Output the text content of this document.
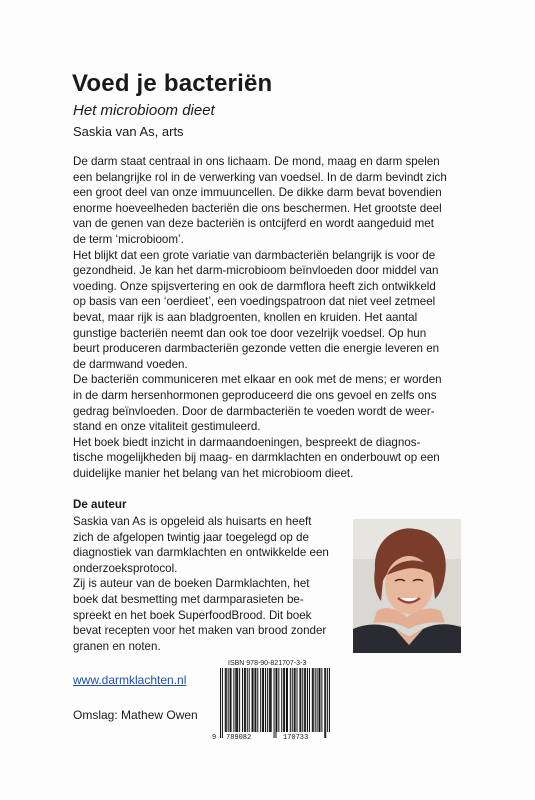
Voed je bacteriën
Het microbioom dieet
Saskia van As, arts

De darm staat centraal in ons lichaam. De mond, maag en darm spelen

een belangrijke rol in de verwerking van voedsel. In de darm bevindt zich

een groot deel van onze immuuncellen. De dikke darm bevat bovendien

enorme hoeveelheden bacteriën die ons beschermen. Het grootste deel

van de genen van deze bacteriën is ontcijferd en wordt aangeduid met

de term ‘microbioom’.

Het blijkt dat een grote variatie van darmbacteriën belangrijk is voor de

gezondheid. Je kan het darm-microbioom beïnvloeden door middel van

voeding. Onze spijsvertering en ook de darmflora heeft zich ontwikkeld

op basis van een ‘oerdieet’, een voedingspatroon dat niet veel zetmeel

bevat, maar rijk is aan bladgroenten, knollen en kruiden. Het aantal

gunstige bacteriën neemt dan ook toe door vezelrijk voedsel. Op hun

beurt produceren darmbacteriën gezonde vetten die energie leveren en

de darmwand voeden.

De bacteriën communiceren met elkaar en ook met de mens; er worden

in de darm hersenhormonen geproduceerd die ons gevoel en zelfs ons

gedrag beïnvloeden. Door de darmbacteriën te voeden wordt de weer-

stand en onze vitaliteit gestimuleerd.

Het boek biedt inzicht in darmaandoeningen, bespreekt de diagnos-

tische mogelijkheden bij maag- en darmklachten en onderbouwt op een

duidelijke manier het belang van het microbioom dieet.

De auteur

Saskia van As is opgeleid als huisarts en heeft

zich de afgelopen twintig jaar toegelegd op de

diagnostiek van darmklachten en ontwikkelde een

onderzoeksprotocol.

Zij is auteur van de boeken Darmklachten, het

boek dat besmetting met darmparasieten be-

spreekt en het boek SuperfoodBrood. Dit boek

bevat recepten voor het maken van brood zonder

granen en noten.

www.darmklachten.nl
Omslag: Mathew Owen
ISBN 978-90-821707-3-3
9 789082	170733
